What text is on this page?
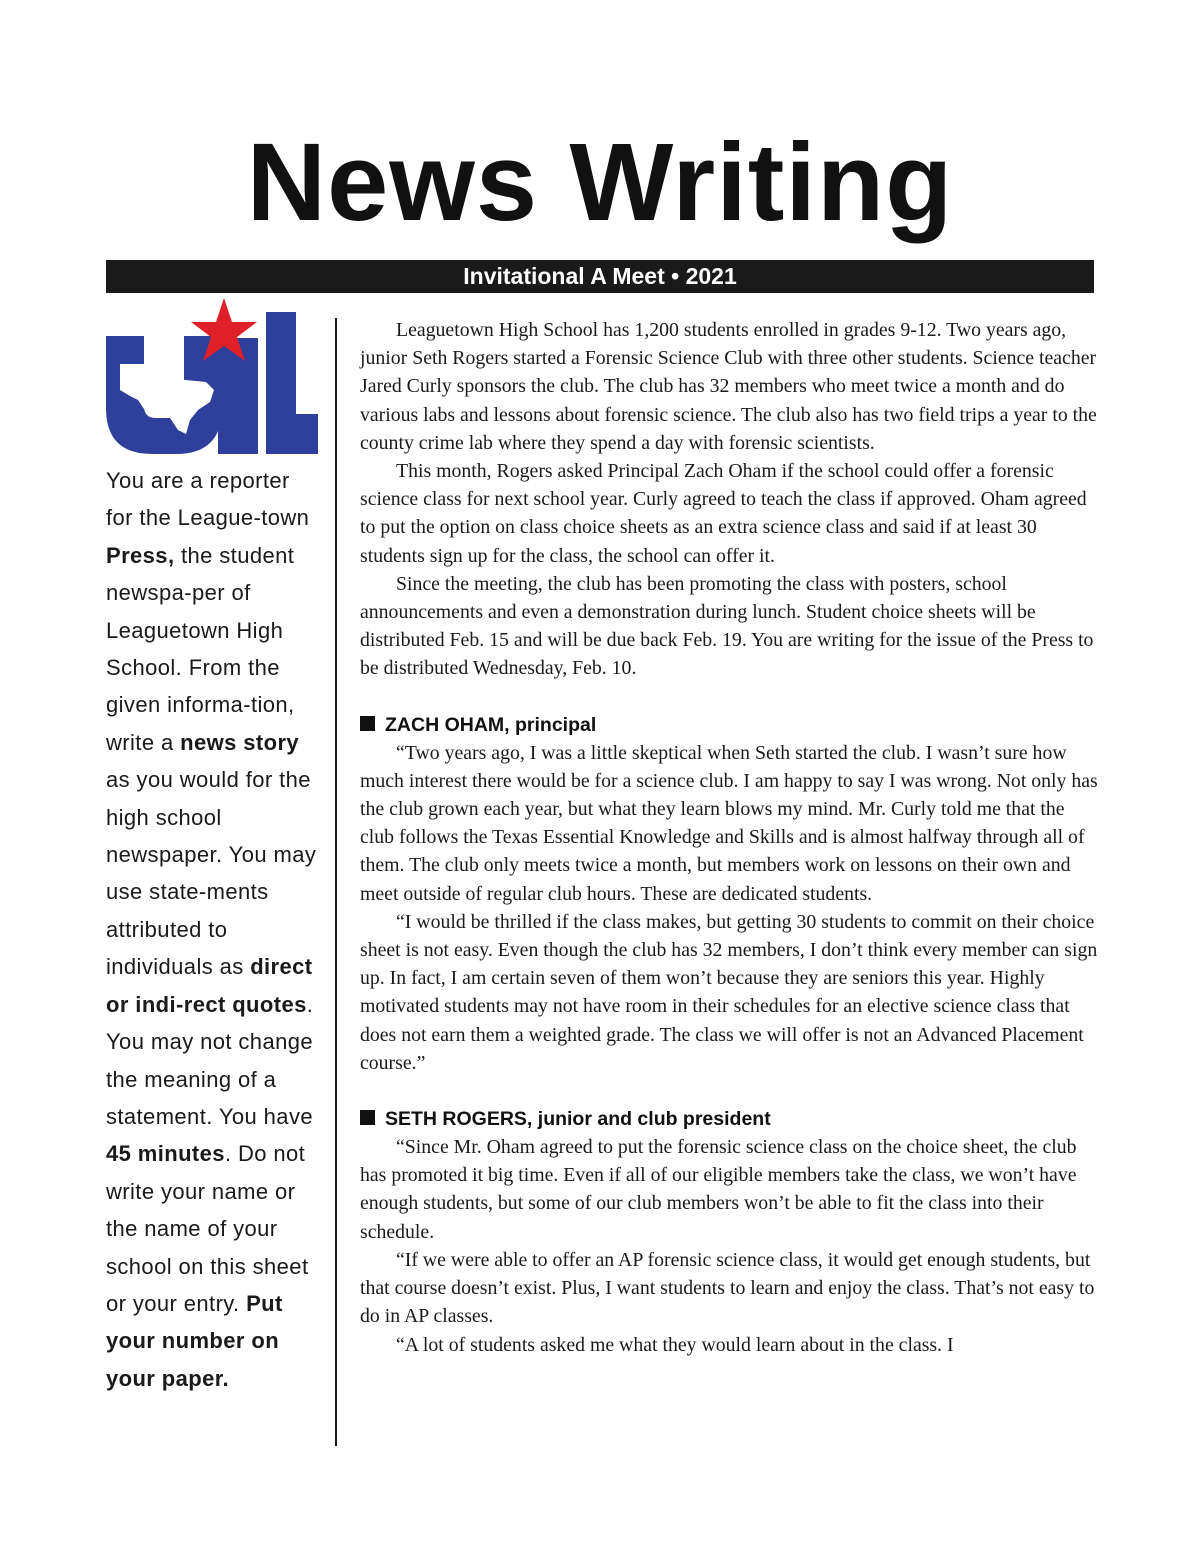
News Writing
Invitational A Meet • 2021
You are a reporter for the League-town Press, the student newspa-per of Leaguetown High School. From the given informa-tion, write a news story as you would for the high school newspaper. You may use state-ments attributed to individuals as direct or indi-rect quotes. You may not change the meaning of a statement. You have 45 minutes. Do not write your name or the name of your school on this sheet or your entry. Put your number on your paper.

Leaguetown High School has 1,200 students enrolled in grades 9-12. Two years ago, junior Seth Rogers started a Forensic Science Club with three other students. Science teacher Jared Curly sponsors the club. The club has 32 members who meet twice a month and do various labs and lessons about forensic science. The club also has two field trips a year to the county crime lab where they spend a day with forensic scientists.

This month, Rogers asked Principal Zach Oham if the school could offer a forensic science class for next school year. Curly agreed to teach the class if approved. Oham agreed to put the option on class choice sheets as an extra science class and said if at least 30 students sign up for the class, the school can offer it.

Since the meeting, the club has been promoting the class with posters, school announcements and even a demonstration during lunch. Student choice sheets will be distributed Feb. 15 and will be due back Feb. 19. You are writing for the issue of the Press to be distributed Wednesday, Feb. 10.

ZACH OHAM, principal

“Two years ago, I was a little skeptical when Seth started the club. I wasn’t sure how much interest there would be for a science club. I am happy to say I was wrong. Not only has the club grown each year, but what they learn blows my mind. Mr. Curly told me that the club follows the Texas Essential Knowledge and Skills and is almost halfway through all of them. The club only meets twice a month, but members work on lessons on their own and meet outside of regular club hours. These are dedicated students.

“I would be thrilled if the class makes, but getting 30 students to commit on their choice sheet is not easy. Even though the club has 32 members, I don’t think every member can sign up. In fact, I am certain seven of them won’t because they are seniors this year. Highly motivated students may not have room in their schedules for an elective science class that does not earn them a weighted grade. The class we will offer is not an Advanced Placement course.”

SETH ROGERS, junior and club president

“Since Mr. Oham agreed to put the forensic science class on the choice sheet, the club has promoted it big time. Even if all of our eligible members take the class, we won’t have enough students, but some of our club members won’t be able to fit the class into their schedule.

“If we were able to offer an AP forensic science class, it would get enough students, but that course doesn’t exist. Plus, I want students to learn and enjoy the class. That’s not easy to do in AP classes.

“A lot of students asked me what they would learn about in the class. I
